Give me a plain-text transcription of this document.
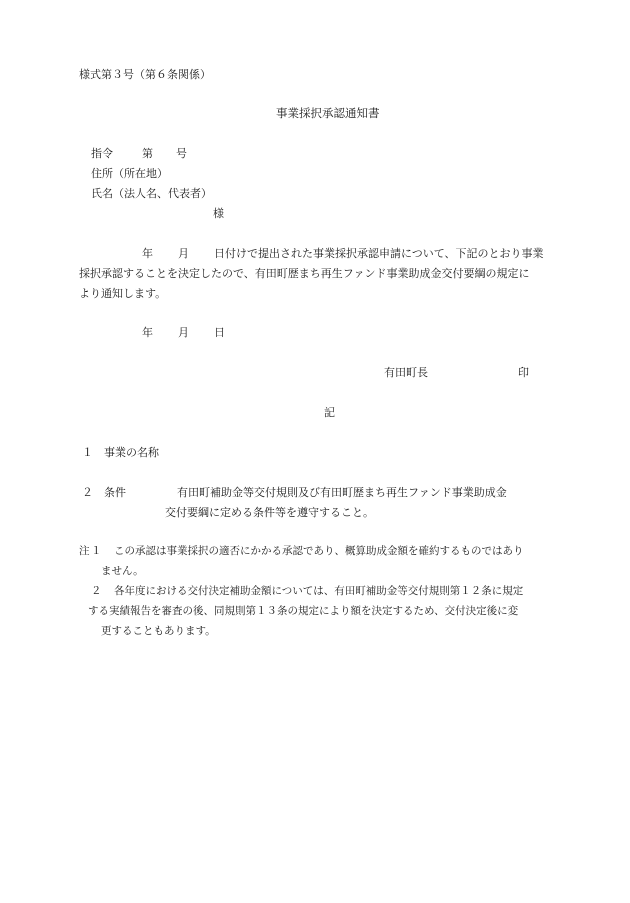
様式第３号（第６条関係）
事業採択承認通知書
指令	第 号
住所（所在地）
氏名（法人名、代表者）
様
年 月 日付けで提出された事業採択承認申請について、下記のとおり事業
採択承認することを決定したので、有田町歴まち再生ファンド事業助成金交付要綱の規定に
より通知します。
年 月 日
有田町長	印
記
１ 事業の名称
２ 条件	有田町補助金等交付規則及び有田町歴まち再生ファンド事業助成金
交付要綱に定める条件等を遵守すること。
注 １ この承認は事業採択の適否にかかる承認であり、概算助成金額を確約するものではあり
ません。
２ 各年度における交付決定補助金額については、有田町補助金等交付規則第１２条に規定
する実績報告を審査の後、同規則第１３条の規定により額を決定するため、交付決定後に変
更することもあります。
